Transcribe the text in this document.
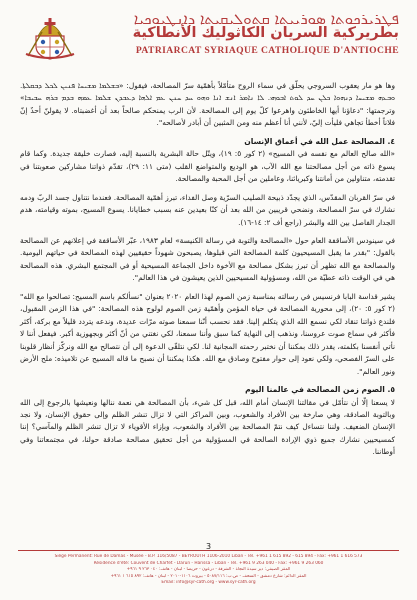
ܦܛܪܝܪܟܘܬܐ ܣܘܪܝܝܬܐ ܩܬܘܠܝܩܝܬܐ ܕܐܢܛܝܘܟܝܐ
بطريركية السريان الكاثوليك الأنطاكية
PATRIARCAT SYRIAQUE CATHOLIQUE D'ANTIOCHE

وها هو مار يعقوب السروجي يحلّق في سماء الروح متأمّلاً بأهمّية سرّ المصالحة، فيقول: «ܒܫܠܡܐ ܡܫܝܚܐ ܦܢܝܢ ܠܟܠ ܕܒܩܠܬܐ. ܘܒܥܗ ܡܫܝܚܐ ܕܢܗܘܐ ܟܠܢ ܚܕ ܠܘܬ ܐܒܘܗܝ. ܠܐ ܢܐܡܪ ܐܢܫ ܐܢܐ ܘܗܘ ܚܕ ܚܢܢ ܥܡ ܐܠܗܐ ܕܥܒܕܢ ܫܠܡܐ ܥܡܗ ܒܕܡ ܒܪܗ ܚܒܝܒܐ» وترجمتها: "دعاؤنا أيها الخاطئون واهرعوا كلّ يوم إلى المصالحة. لأن الرب يمنحكم صالحاً بعد أن أغضبتاه. لا يقولنّ أحدٌ إنّ فلاناً أخطأ تجاهي فليأت إليّ، لأنني أنا أعظم منه ومن المثبين أن أبادر لأصالحه".

٤. المصالحة عمل الله في أعماق الإنسان

«الله صالح العالم مع نفسه في المسيح» (٢ كور ٥: ١٩)، ويتّل حالة البشرية بالنسبة إليه، فصارت خليقة جديدة. وكما قام يسوع ذاته من أجل مصالحتنا مع الله الآب، هو الوديع والمتواضع القلب (متى ١١: ٢٩)، تقدّم ذواتنا مشاركين صعوبتنا في تقدمته، متناولين من أمانتنا وكبريائنا، وعاملين من أجل المحبة والمصالحة.

في سرّ القربان المقدّس، الذي يجدّد ذبيحة الصليب السرّية وصل الفداء، تبرز أهمّية المصالحة. فعندما نتناول جسد الربّ ودمه نشارك في سرّ المصالحة، ونضحي قريبين من الله بعد أن كنّا بعيدين عنه بسبب خطايانا. يسوع المسيح، بموته وقيامته، هدم الجدار الفاصل بين الله والبشر (راجع أف ٢: ١٤-١٦).

في سينودس الأساقفة العام حول «المصالحة والتوبة في رسالة الكنيسة» لعام ١٩٨٣، عبّر الأساقفة في إعلانهم عن المصالحة بالقول: "بقدر ما يقبل المسيحيون كلمة المصالحة التي قبلوها، يصبحون شهوداً حقيقيين لهذه المصالحة في حياتهم اليومية. والمصالحة مع الله تظهر أن تبرز بشكل مصالحة مع الأخوة داخل الجماعة المسيحية أو في المجتمع البشري. هذه المصالحة هي في الوقت ذاته عطيّة من الله، ومسؤولية المسيحيين الذين يعيشون في هذا العالم".

يشير قداسة البابا فرنسيس في رسالته بمناسبة زمن الصوم لهذا العام ٢٠٢٠ بعنوان "نسألكم باسم المسيح: تصالحوا مع الله" (٢ كور ٥: ٢٠)، إلى محورية المصالحة في حياة المؤمن وأهمّية زمن الصوم لولوج هذه المصالحة: "في هذا الزمن المقبول، فلندع ذواتنا تنقاد لكي نسمع الله الذي يتكلم إلينا. فقد نحسب أنّنا سمعنا صوته مرّات عديدة، وندعه يتردد قليلاً مع بركة، أكثر فأكثر في سماع صوت عروسنا، ونذهب إلى النهاية كما سبق وأننا سمعنا، لكي نغتني من أنّ أكثر وبجهوزية أكبر. فيفعل أننا لا نأتي أنفسنا بكلمته، يقدر ذلك بمكننا أن نختبر رحمته المجانية لنا. لكي نتلقّى الدعوة إلى أن نتصالح مع الله ونركّز أنظار قلوبنا على السرّ الفصحي، ولكي نعود إلى حوار مفتوح وصادق مع الله. هكذا يمكننا أن نصبح ما قاله المسيح عن تلاميذه: ملح الأرض ونور العالم".

٥. الصوم زمن المصالحة في عالمنا اليوم

لا يسعنا إلّا أن نتأمّل في مقالتنا الإنسان أمام الله، قبل كل شيء، بأن المصالحة هي نعمة ننالها ونعيشها بالرجوع إلى الله وبالتوبة الصادقة، وهي صارخة بين الأفراد والشعوب، وبين المراكز التي لا تزال تنشر الظلم وإلى حقوق الإنسان، ولا نجد الإنسان الضعيف. ولننا نتساءل كيف نتمّ المصالحة بين الأفراد والشعوب، وبإزاء الأقوياء لا تزال تنشر الظلم والمآسي؟ إننا كمسيحيين نشارك جميع ذوي الإرادة الصالحة في المسؤولية من أجل تحقيق مصالحة صادقة حولنا، في مجتمعاتنا وفي أوطاننا.

3
Siège Permanent: Rue de Damas - Musée - B.P. 116/5087 - BEYROUTH 1106-2010 Liban - Tél. +961 1 615 892 - 615 894 - Fax: +961 1 616 573
Résidence d'été: Couvent de Charfet - Darun - Harissa - Liban - Tél. +961 9 263 040 - Fax: +961 9 263 060
المقر الصيفي: دير سيدة النجاة - الشرفة - درعون - حريصا - لبنان - هاتف: ٠٤٠ ٢٦٣ ٩ ٩٦١+
المقر الدائم: شارع دمشق - المتحف - ص.ب: ٥٠٨٧/١١٦ - بيروت ١١٠٦-٢٠١٠ - لبنان - هاتف: ٨٩٢ ٦١٥ ١ ٩٦١+
Email: info@syr-cath.org - www.syr-cath.org
